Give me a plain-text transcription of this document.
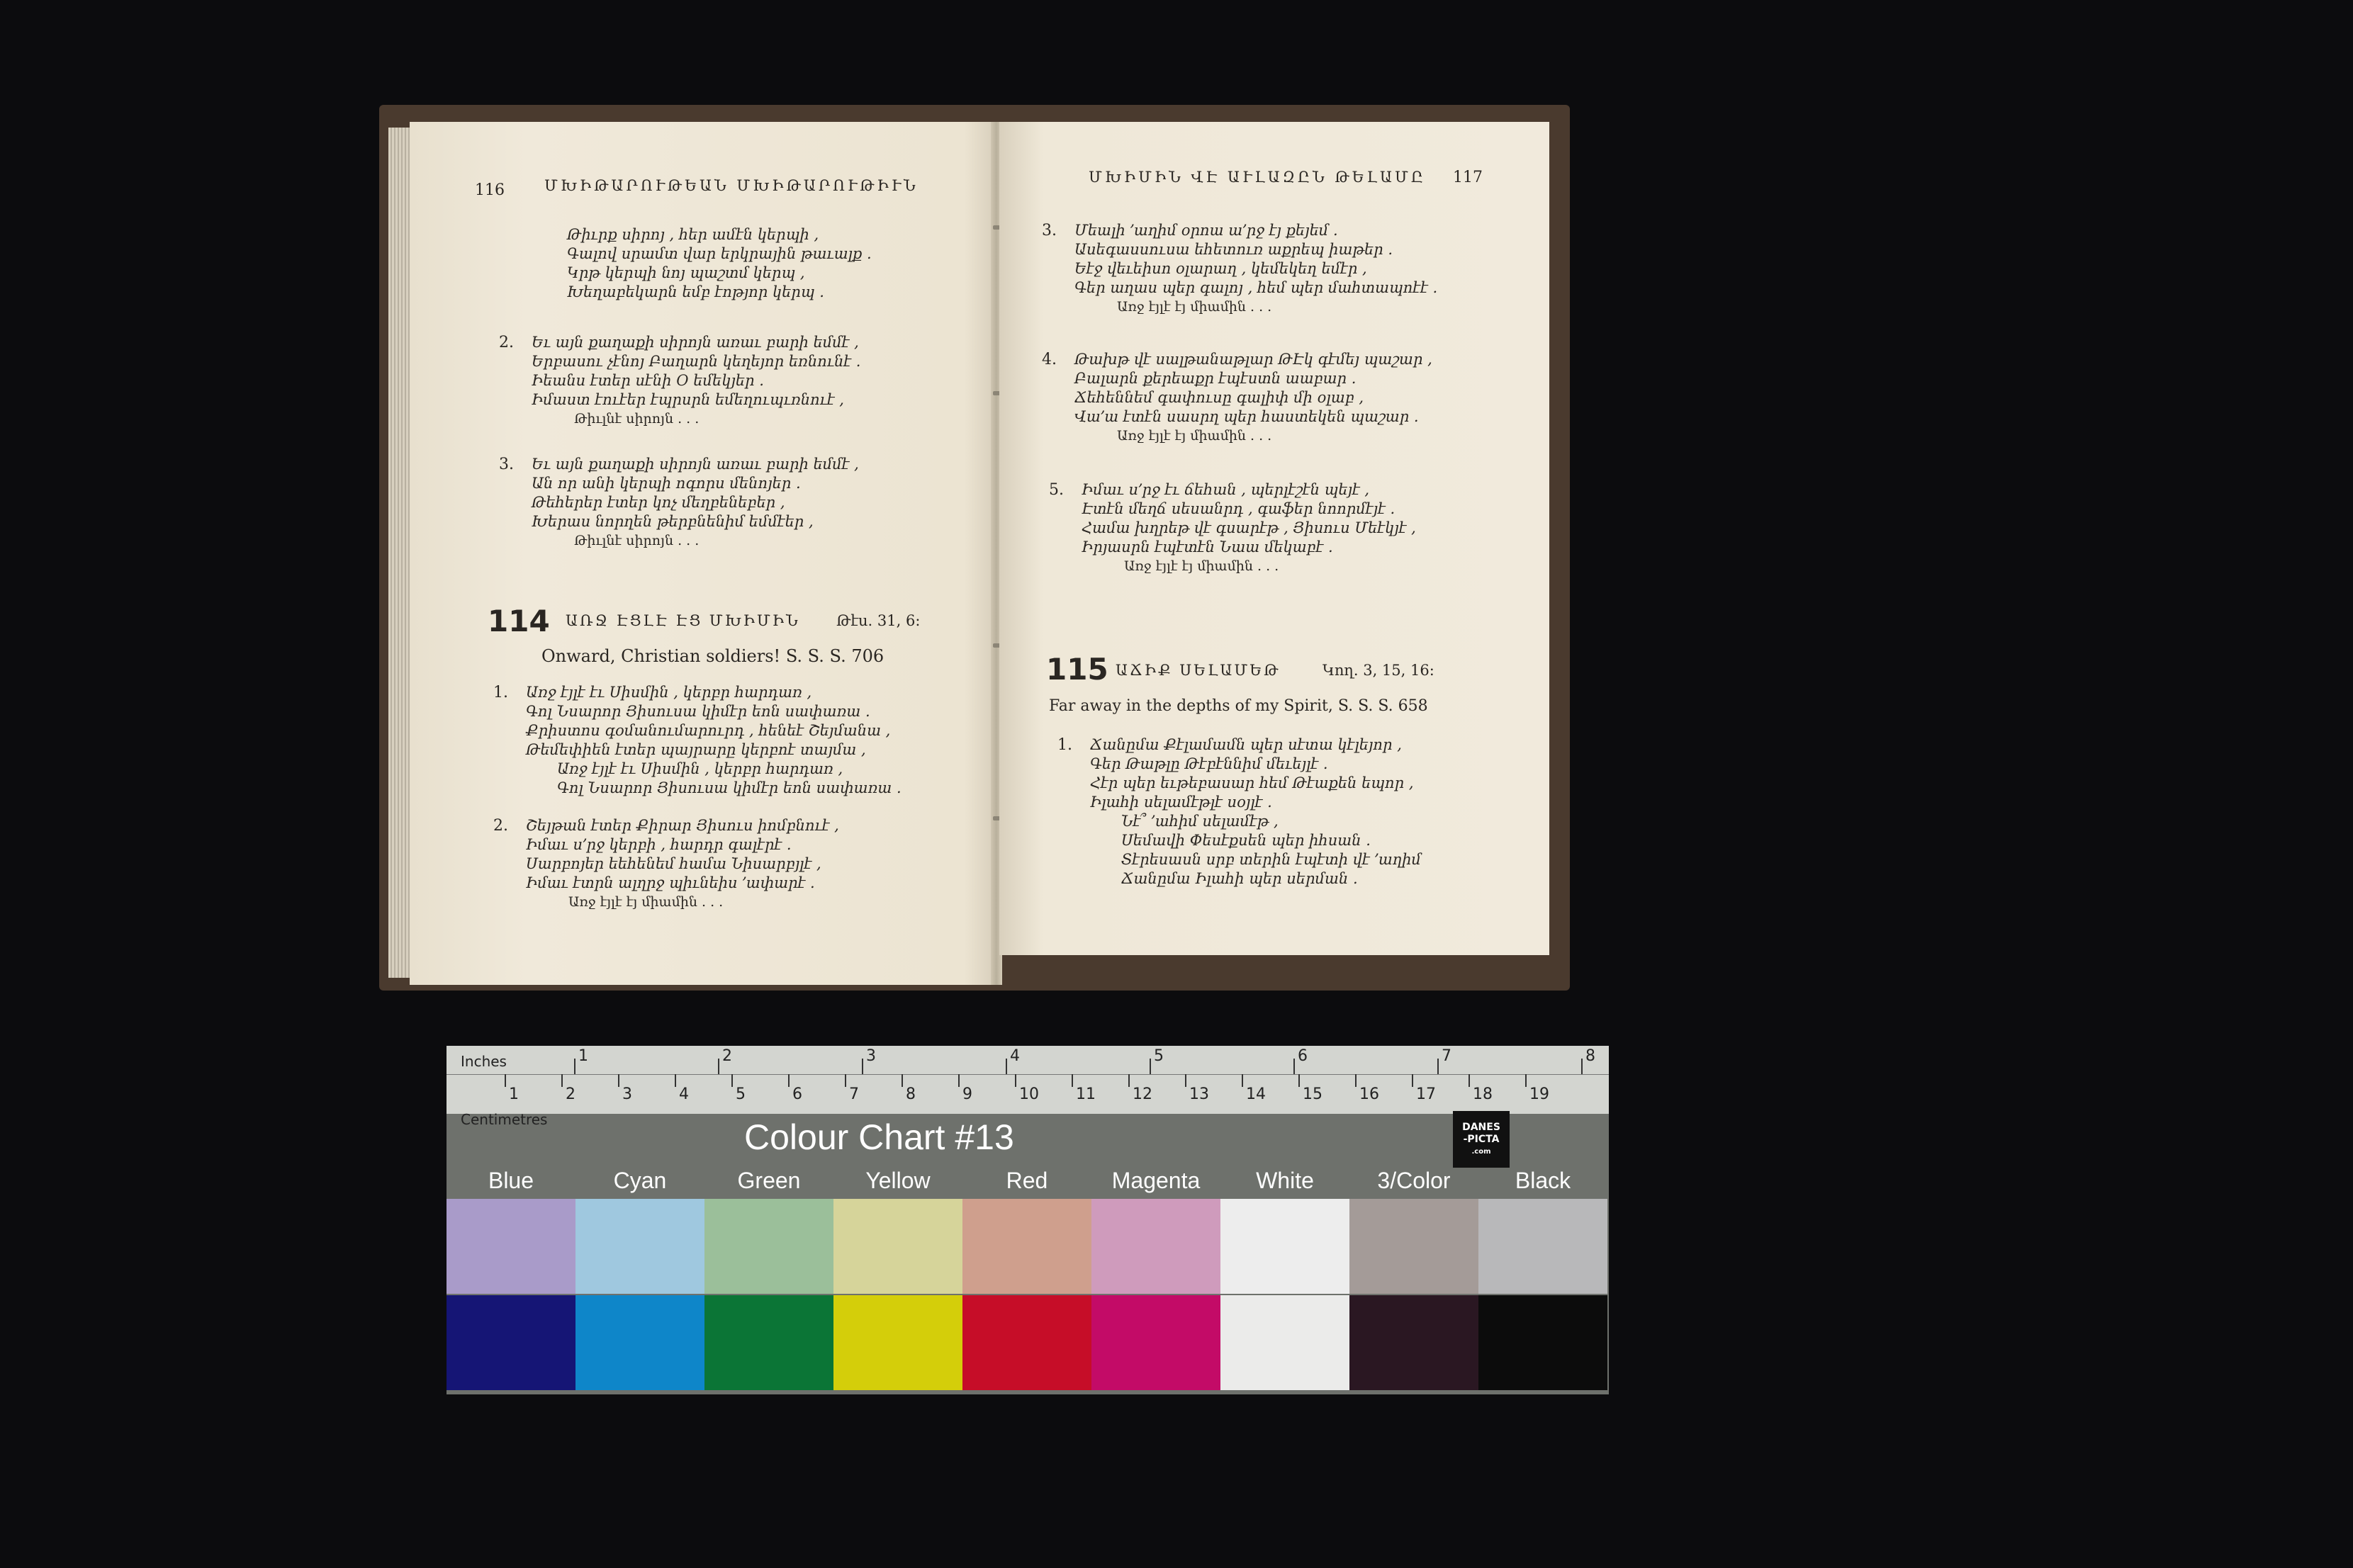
116	ՄԽԻԹԱՐՈՒԹԵԱՆ ՄԽԻԹԱՐՈՒԹԻՒՆ
Թիւրք սիրոյ , հեր ամէն կերպի ,
Գալով սրամտ վար երկրային թաւալք .
Կրթ կերպի նոյ պաշտմ կերպ ,
Խեղաբեկարն եմբ էոթյոր կերպ .
2. Եւ այն քաղաքի սիրոյն առաւ բարի եմմէ ,
Երբասու չէնոյ Բաղարն կեղեյոր եռնունէ .
Իեանս էտեր սէնի Օ եմեկյեր .
Իմաստ էուէեր էպրսրն եմեղուպւռնուէ ,
Թիւլնէ սիրոյն . . .
3. Եւ այն քաղաքի սիրոյն առաւ բարի եմմէ ,
Ան որ անի կերպի ոգորս մենոյեր .
Թեհերեր էտեր կոչ մեղբենեբեր ,
Խերաս նորղեն թերբնենիմ եմմէեր ,
Թիւլնէ սիրոյն . . .
114 ԱՌՋ ԷՑԼԷ ԷՑ ՄԽԻՄԻՆ Թէս. 31, 6:
Onward, Christian soldiers! S. S. S. 706
1. Առջ էյլէ էւ Սիսմին , կերբր հարդառ ,
Գոլ Նսարոր Յիսուսա կիմէր եոն սափառա .
Քրիստոս գօմանումարուրդ , հենեէ Շեյմանա ,
Թեմեփիեն էտեր պայրարը կերբոէ տայմա ,
Առջ էյլէ էւ Սիսմին , կերբր հարդառ ,
Գոլ Նսարոր Յիսուսա կիմէր եոն սափառա .
2. Շեյթան էտեր Քիրար Յիսուս իոմբնուէ ,
Իմաւ ս՚րջ կերբի , հարդր գալէրէ .
Սարբոյեր եեհենեմ համա Նիսարբյլէ ,
Իմաւ էտրն ալղրջ պիւնեիս ՚ափարէ .
Առջ էյլէ էյ միամին . . .
ՄԽԻՄԻՆ ՎԷ ԱՒԼԱԶԸՆ ԹԵԼԱՄԸ 117
3. Մեալի ՚աղիմ օրոա ա՚րջ էյ քեյեմ .
Ասեգասսուսա եհետուռ աքրեպ իաթեր .
Եէջ վեւեիսո օլարաղ , կեմեկեղ եմէր ,
Գեր աղաս պեր գալոյ , հեմ պեր մահտապոէէ .
Առջ էյլէ էյ միամին . . .
4. Թախթ վէ սալթանաթլար ԹԷկ գէմեյ պաշար ,
Բալարն քերեաքր էպէստն աաբար .
Ճեհեննեմ գափուսը գալիփ մի օլաբ ,
Վա՚ա էտէն սասրղ պեր հաստեկեն պաշար .
Առջ էյլէ էյ միամին . . .
5. Իմաւ ս՚րջ էւ ճեհան , պերլէշէն պեյէ ,
Էտէն մեղճ սեսանրդ , գաֆեր նոորմէյէ .
Համա խղրեթ վէ գսարէթ , Յիսուս Մեէկյէ ,
Իրյասրն էպէտէն Նաա մեկաբէ .
Առջ էյլէ էյ միամին . . .
115 ԱՃԻՔ ՍԵԼԱՄԵԹ	Կող. 3, 15, 16:
Far away in the depths of my Spirit, S. S. S. 658
1. Ճանըմա Քէլամամն պեր սէտա կէլեյոր ,
Գեր Թաթլը Թէբէննիմ մեւեյլէ .
Հէր պեր եւթեբասար հեմ Թէաքեն եպոր ,
Իլահի սելամէթլէ սօյլէ .
Նէ՞ ՚ահիմ սելամէթ ,
Սեմավի Փեսէքսեն պեր իհսան .
Տէրեսասն սրբ տերին էպէտի վէ ՚աղիմ
Ճանըմա Իլահի պեր սերման .
Inches
Centimetres
1	2	3	4	5	6	7	8
1	2	3	4	5	6	7	8	9	10 11 12 13 14 15 16 17 18 19
Colour Chart #13	DANES
-PICTA
.com
Blue	Cyan	Green	Yellow	Red	Magenta	White	3/Color	Black
